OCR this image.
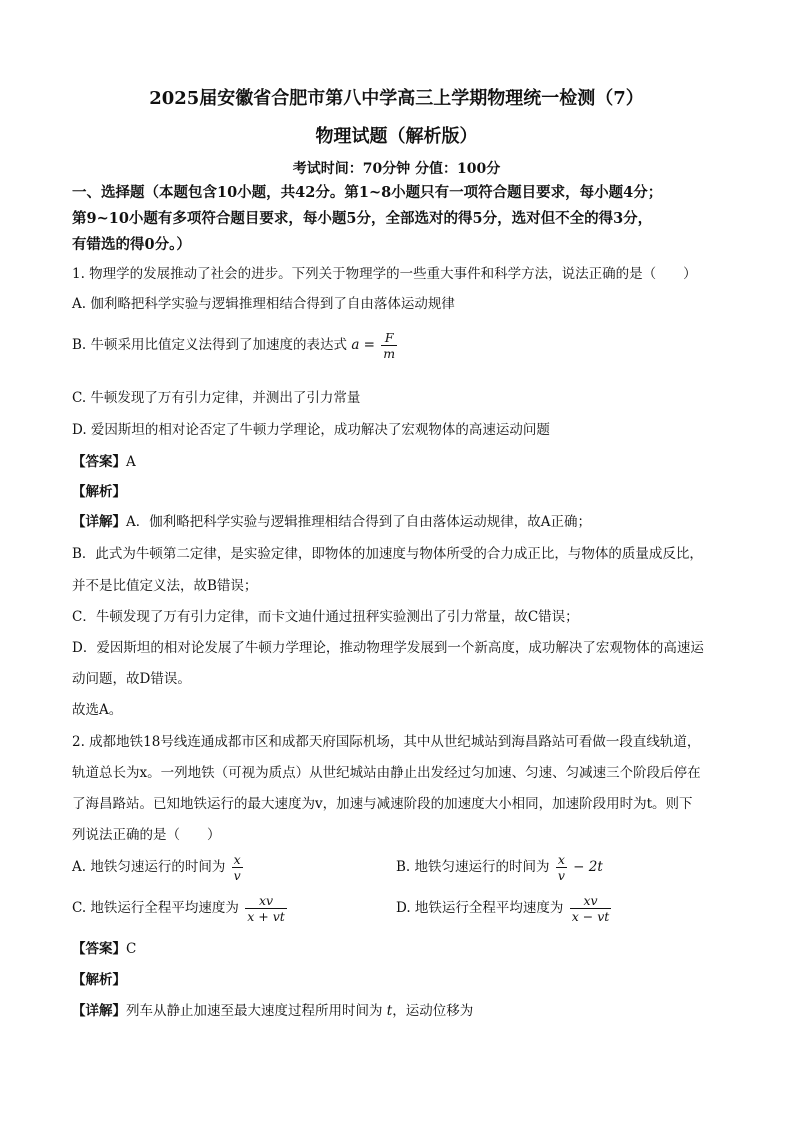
2025届安徽省合肥市第八中学高三上学期物理统一检测（7）
物理试题（解析版）
考试时间：70分钟 分值：100分
一、选择题（本题包含10小题，共42分。第1~8小题只有一项符合题目要求，每小题4分；
第9~10小题有多项符合题目要求，每小题5分，全部选对的得5分，选对但不全的得3分，
有错选的得0分。）
1. 物理学的发展推动了社会的进步。下列关于物理学的一些重大事件和科学方法，说法正确的是（　　）
A. 伽利略把科学实验与逻辑推理相结合得到了自由落体运动规律
B. 牛顿采用比值定义法得到了加速度的表达式 $a = \frac{F}{m}$
C. 牛顿发现了万有引力定律，并测出了引力常量
D. 爱因斯坦的相对论否定了牛顿力学理论，成功解决了宏观物体的高速运动问题
【答案】A
【解析】
【详解】A．伽利略把科学实验与逻辑推理相结合得到了自由落体运动规律，故A正确；
B．此式为牛顿第二定律，是实验定律，即物体的加速度与物体所受的合力成正比，与物体的质量成反比，
并不是比值定义法，故B错误；
C．牛顿发现了万有引力定律，而卡文迪什通过扭秤实验测出了引力常量，故C错误；
D．爱因斯坦的相对论发展了牛顿力学理论，推动物理学发展到一个新高度，成功解决了宏观物体的高速运
动问题，故D错误。
故选A。
2. 成都地铁18号线连通成都市区和成都天府国际机场，其中从世纪城站到海昌路站可看做一段直线轨道，
轨道总长为x。一列地铁（可视为质点）从世纪城站由静止出发经过匀加速、匀速、匀减速三个阶段后停在
了海昌路站。已知地铁运行的最大速度为v，加速与减速阶段的加速度大小相同，加速阶段用时为t。则下
列说法正确的是（　　）
A. 地铁匀速运行的时间为 $\frac{x}{v}$	B. 地铁匀速运行的时间为 $\frac{x}{v} - 2t$
C. 地铁运行全程平均速度为 $\frac{xv}{x + vt}$	D. 地铁运行全程平均速度为 $\frac{xv}{x - vt}$
【答案】C
【解析】
【详解】列车从静止加速至最大速度过程所用时间为 t，运动位移为
